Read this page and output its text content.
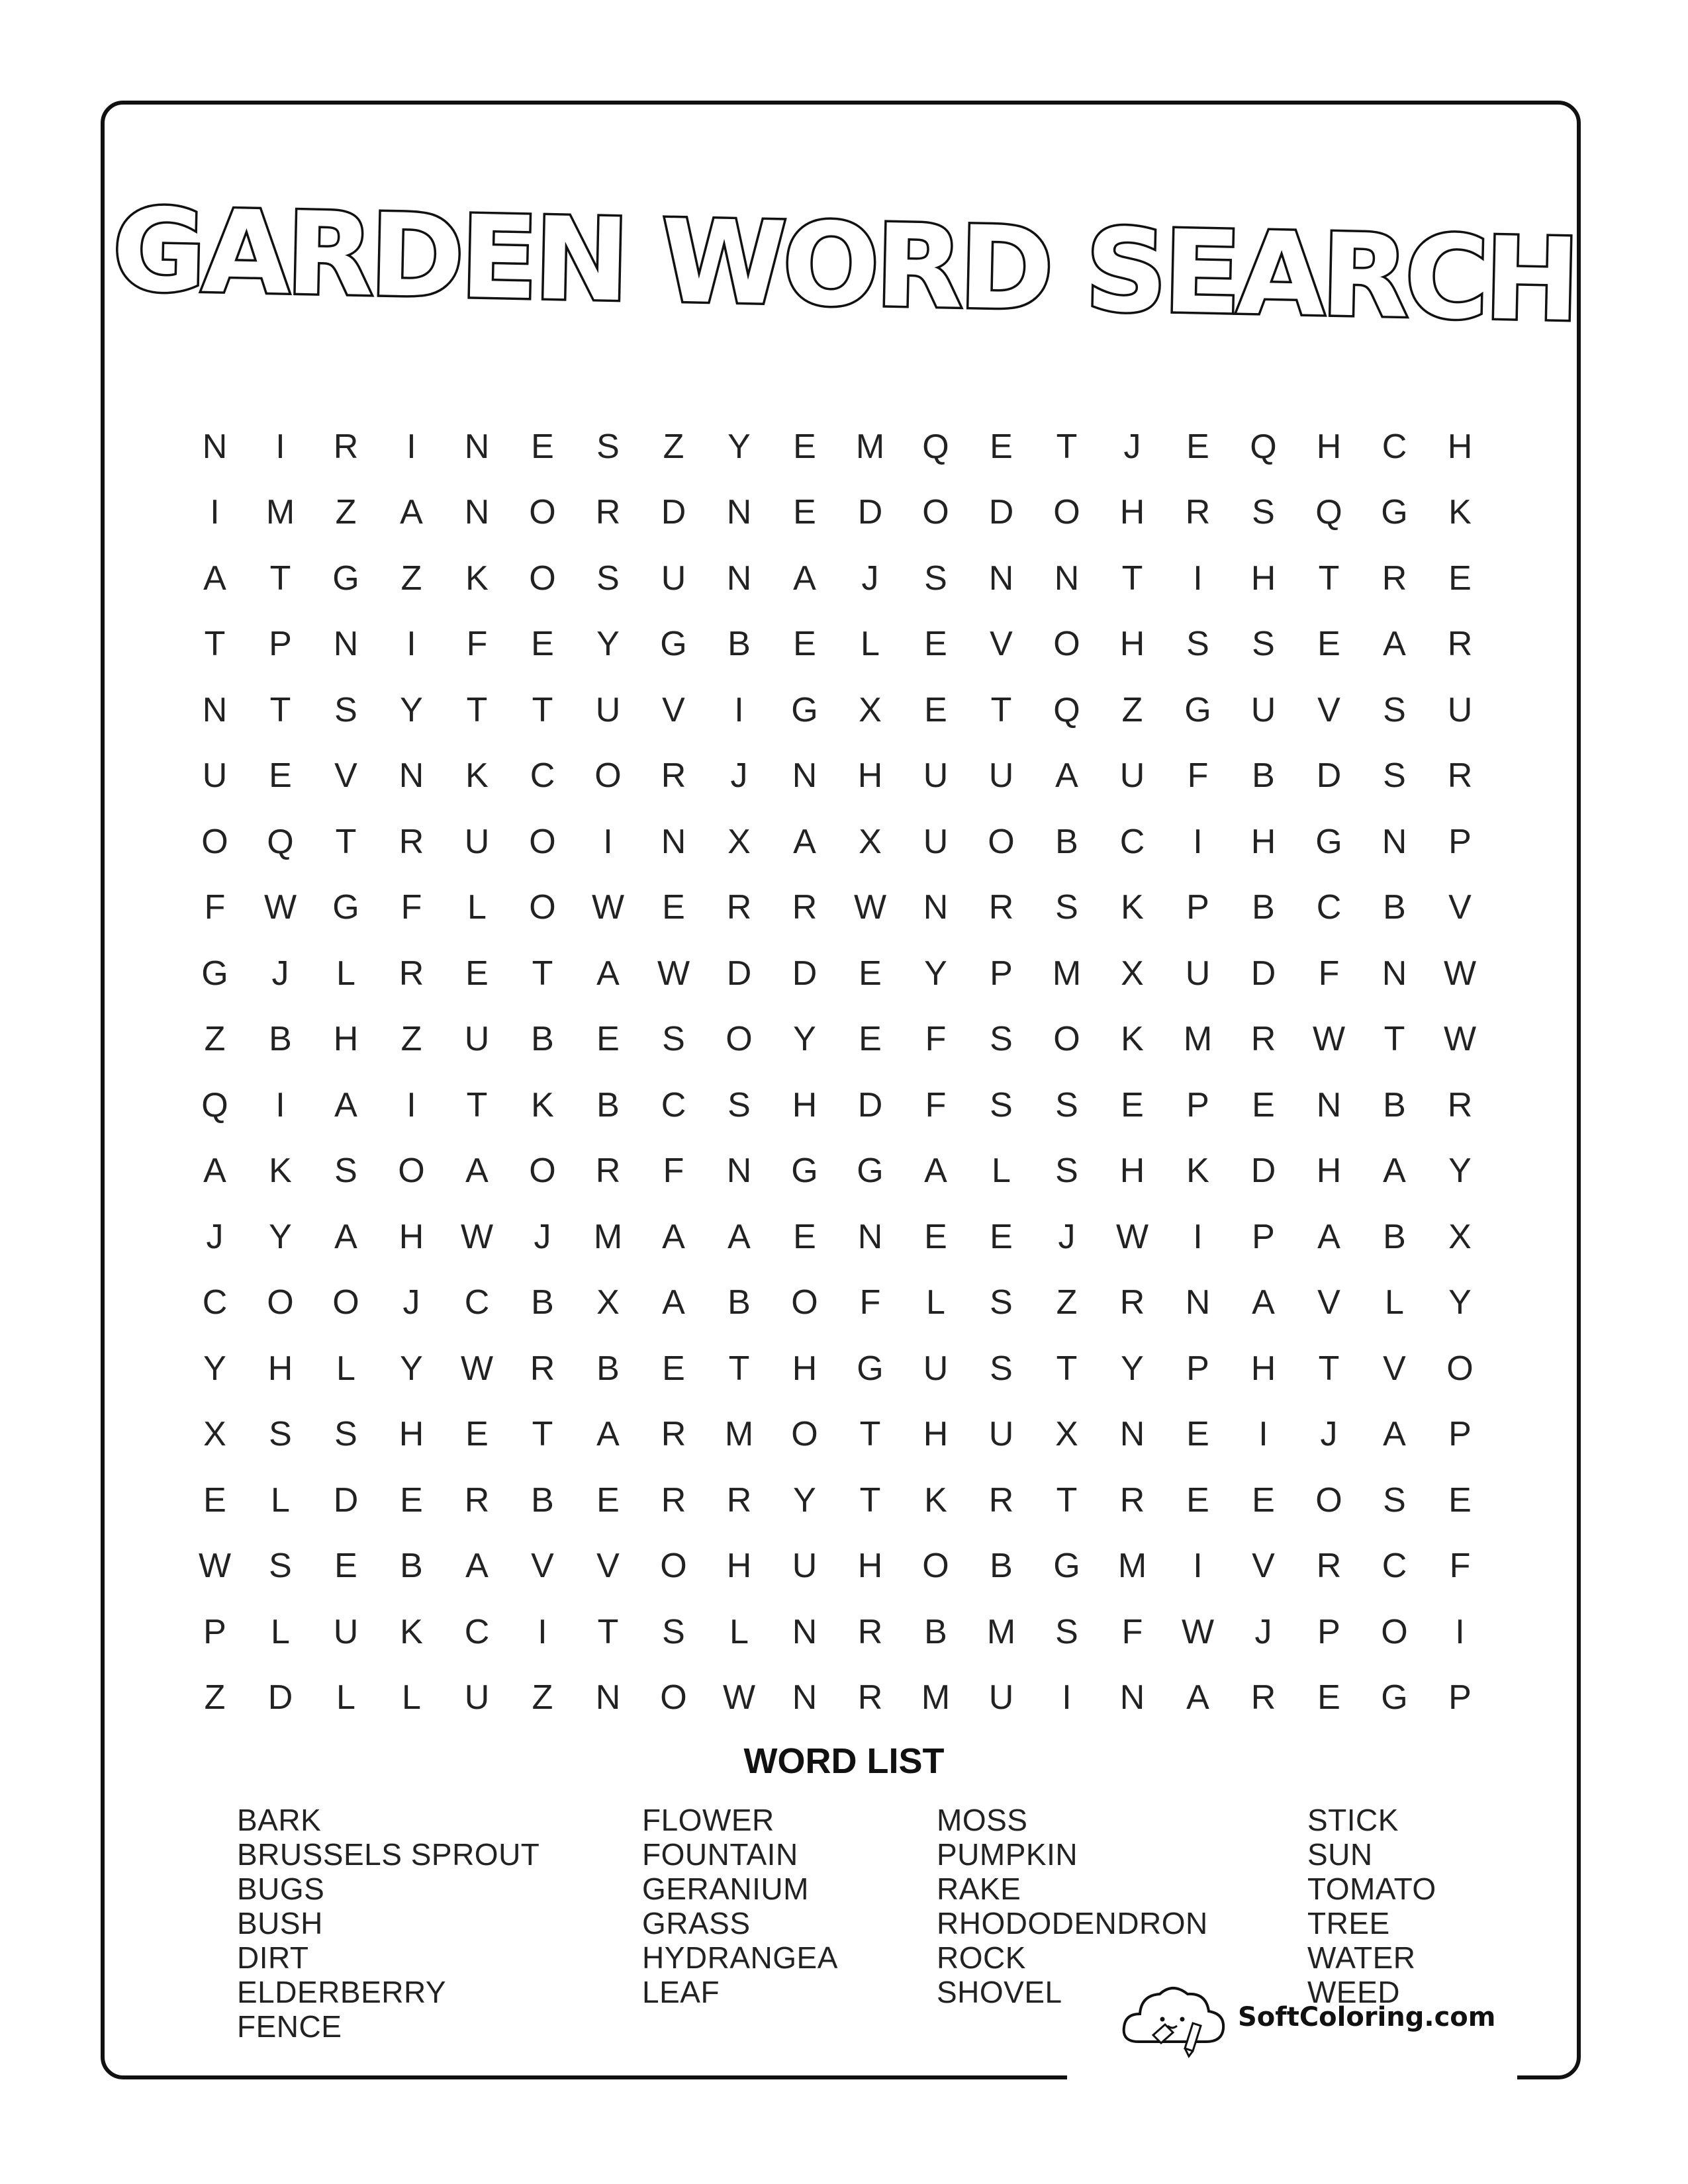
GARDEN WORD SEARCH
N	I	R	I	N	E	S	Z	Y	E	M	Q	E	T	J	E	Q	H	C	H
I	M	Z	A	N	O	R	D	N	E	D	O	D	O	H	R	S	Q	G	K
A	T	G	Z	K	O	S	U	N	A	J	S	N	N	T	I	H	T	R	E
T	P	N	I	F	E	Y	G	B	E	L	E	V	O	H	S	S	E	A	R
N	T	S	Y	T	T	U	V	I	G	X	E	T	Q	Z	G	U	V	S	U
U	E	V	N	K	C	O	R	J	N	H	U	U	A	U	F	B	D	S	R
O	Q	T	R	U	O	I	N	X	A	X	U	O	B	C	I	H	G	N	P
F	W	G	F	L	O	W	E	R	R	W	N	R	S	K	P	B	C	B	V
G	J	L	R	E	T	A	W	D	D	E	Y	P	M	X	U	D	F	N	W
Z	B	H	Z	U	B	E	S	O	Y	E	F	S	O	K	M	R	W	T	W
Q	I	A	I	T	K	B	C	S	H	D	F	S	S	E	P	E	N	B	R
A	K	S	O	A	O	R	F	N	G	G	A	L	S	H	K	D	H	A	Y
J	Y	A	H	W	J	M	A	A	E	N	E	E	J	W	I	P	A	B	X
C	O	O	J	C	B	X	A	B	O	F	L	S	Z	R	N	A	V	L	Y
Y	H	L	Y	W	R	B	E	T	H	G	U	S	T	Y	P	H	T	V	O
X	S	S	H	E	T	A	R	M	O	T	H	U	X	N	E	I	J	A	P
E	L	D	E	R	B	E	R	R	Y	T	K	R	T	R	E	E	O	S	E
W	S	E	B	A	V	V	O	H	U	H	O	B	G	M	I	V	R	C	F
P	L	U	K	C	I	T	S	L	N	R	B	M	S	F	W	J	P	O	I
Z	D	L	L	U	Z	N	O	W	N	R	M	U	I	N	A	R	E	G	P
WORD LIST
BARK
BRUSSELS SPROUT
BUGS
BUSH
DIRT
ELDERBERRY
FENCE
FLOWER
FOUNTAIN
GERANIUM
GRASS
HYDRANGEA
LEAF
MOSS
PUMPKIN
RAKE
RHODODENDRON
ROCK
SHOVEL
STICK
SUN
TOMATO
TREE
WATER
WEED
SoftColoring.com
